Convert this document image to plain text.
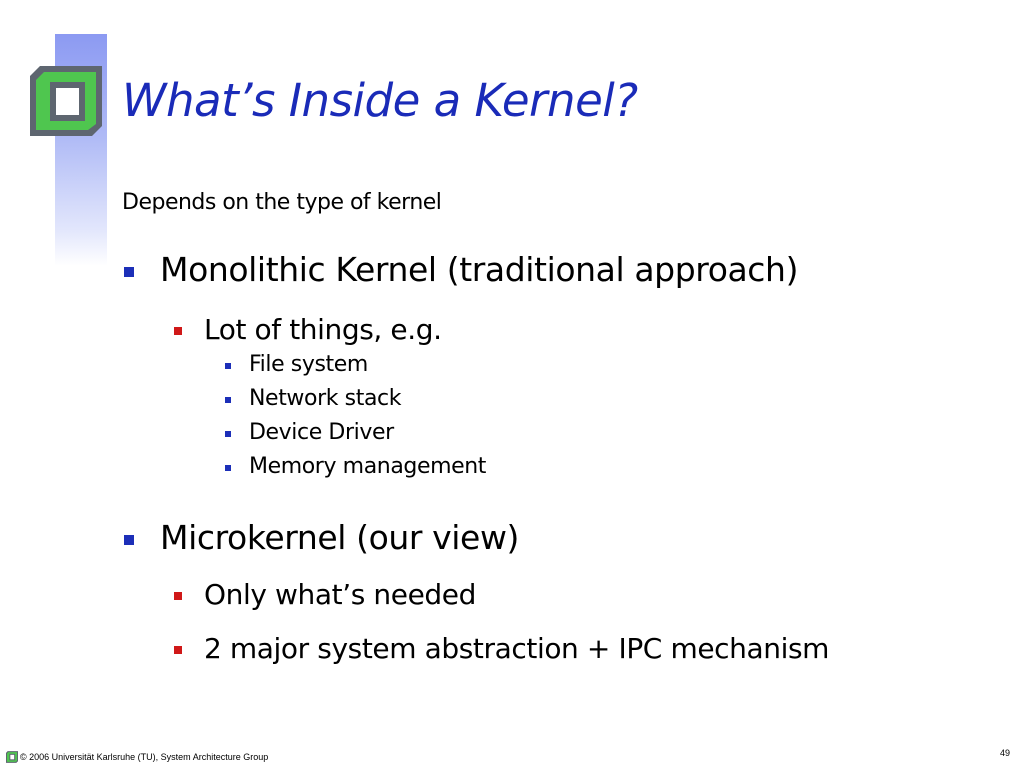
What’s Inside a Kernel?
Depends on the type of kernel
Monolithic Kernel (traditional approach)
Lot of things, e.g.
File system
Network stack
Device Driver
Memory management
Microkernel (our view)
Only what’s needed
2 major system abstraction + IPC mechanism
© 2006 Universität Karlsruhe (TU), System Architecture Group	49
